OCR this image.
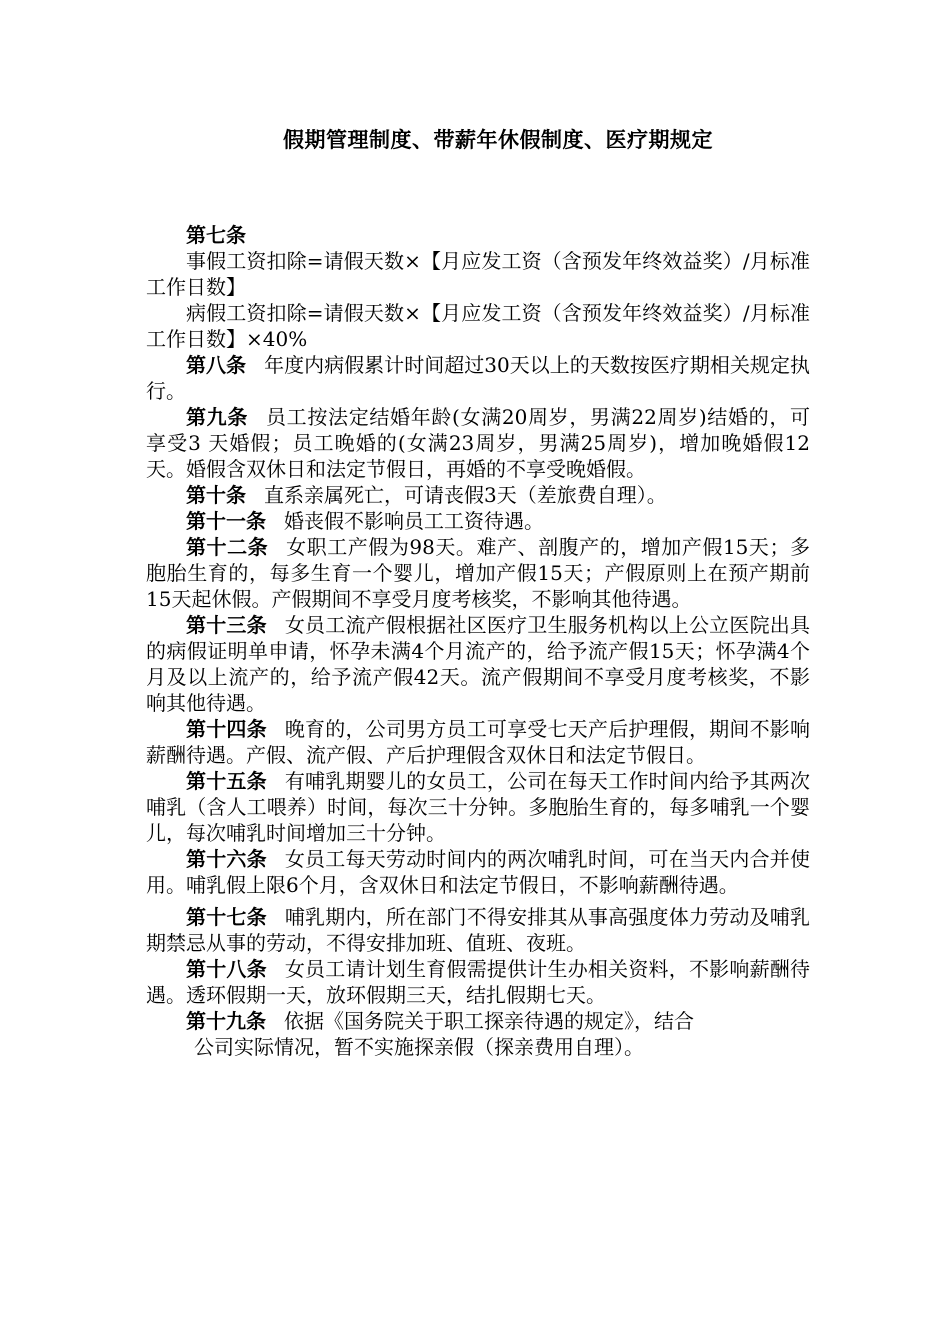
假期管理制度、带薪年休假制度、医疗期规定

第七条

事假工资扣除=请假天数×【月应发工资（含预发年终效益奖）/月标准工作日数】

病假工资扣除=请假天数×【月应发工资（含预发年终效益奖）/月标准工作日数】×40%

第八条 年度内病假累计时间超过30天以上的天数按医疗期相关规定执行。

第九条 员工按法定结婚年龄(女满20周岁，男满22周岁)结婚的，可享受3 天婚假；员工晚婚的(女满23周岁，男满25周岁)，增加晚婚假12天。婚假含双休日和法定节假日，再婚的不享受晚婚假。

第十条 直系亲属死亡，可请丧假3天（差旅费自理）。

第十一条 婚丧假不影响员工工资待遇。

第十二条 女职工产假为98天。难产、剖腹产的，增加产假15天；多胞胎生育的，每多生育一个婴儿，增加产假15天；产假原则上在预产期前15天起休假。产假期间不享受月度考核奖，不影响其他待遇。

第十三条 女员工流产假根据社区医疗卫生服务机构以上公立医院出具的病假证明单申请，怀孕未满4个月流产的，给予流产假15天；怀孕满4个月及以上流产的，给予流产假42天。流产假期间不享受月度考核奖，不影响其他待遇。

第十四条 晚育的，公司男方员工可享受七天产后护理假，期间不影响薪酬待遇。产假、流产假、产后护理假含双休日和法定节假日。

第十五条 有哺乳期婴儿的女员工，公司在每天工作时间内给予其两次哺乳（含人工喂养）时间，每次三十分钟。多胞胎生育的，每多哺乳一个婴儿，每次哺乳时间增加三十分钟。

第十六条 女员工每天劳动时间内的两次哺乳时间，可在当天内合并使用。哺乳假上限6个月，含双休日和法定节假日，不影响薪酬待遇。

第十七条 哺乳期内，所在部门不得安排其从事高强度体力劳动及哺乳期禁忌从事的劳动，不得安排加班、值班、夜班。

第十八条 女员工请计划生育假需提供计生办相关资料，不影响薪酬待遇。透环假期一天，放环假期三天，结扎假期七天。

第十九条 依据《国务院关于职工探亲待遇的规定》，结合

公司实际情况，暂不实施探亲假（探亲费用自理）。
